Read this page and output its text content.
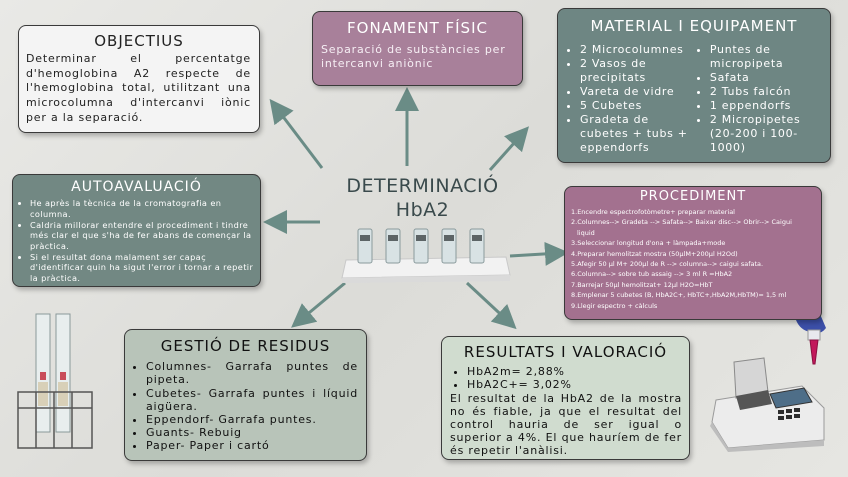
DETERMINACIÓ
HbA2
OBJECTIUS
Determinar el percentatge d'hemoglobina A2 respecte de l'hemoglobina total, utilitzant una microcolumna d'intercanvi iònic per a la separació.
FONAMENT FÍSIC
Separació de substàncies per intercanvi aniònic
MATERIAL I EQUIPAMENT
• 2 Microcolumnes
• 2 Vasos de precipitats
• Vareta de vidre
• 5 Cubetes
• Gradeta de cubetes + tubs + eppendorfs
• Puntes de micropipeta
• Safata
• 2 Tubs falcón
• 1 eppendorfs
• 2 Micropipetes (20-200 i 100-1000)
AUTOAVALUACIÓ
• He après la tècnica de la cromatografia en columna.
• Caldria millorar entendre el procediment i tindre més clar el que s'ha de fer abans de començar la pràctica.
• Si el resultat dona malament ser capaç d'identificar quin ha sigut l'error i tornar a repetir la pràctica.
PROCEDIMENT
1.Encendre espectrofotòmetre+ preparar material
2.Columnes--> Gradeta --> Safata--> Baixar disc--> Obrir--> Caigui
liquid
3.Seleccionar longitud d'ona + làmpada+mode
4.Preparar hemolitzat mostra (50µlM+200µl H2Od)
5.Afegir 50 µl M+ 200µl de R --> columna--> caigui safata.
6.Columna--> sobre tub assaig --> 3 ml R =HbA2
7.Barrejar 50µl hemolitzat+ 12µl H2O=HbT
8.Emplenar 5 cubetes (B, HbA2C+, HbTC+,HbA2M,HbTM)= 1,5 ml
9.Llegir espectro + càlculs
GESTIÓ DE RESIDUS
• Columnes- Garrafa puntes de pipeta.
• Cubetes- Garrafa puntes i líquid aigüera.
• Eppendorf- Garrafa puntes.
• Guants- Rebuig
• Paper- Paper i cartó
RESULTATS I VALORACIÓ
• HbA2m= 2,88%
• HbA2C+= 3,02%
El resultat de la HbA2 de la mostra no és fiable, ja que el resultat del control hauria de ser igual o superior a 4%. El que hauríem de fer és repetir l'anàlisi.
